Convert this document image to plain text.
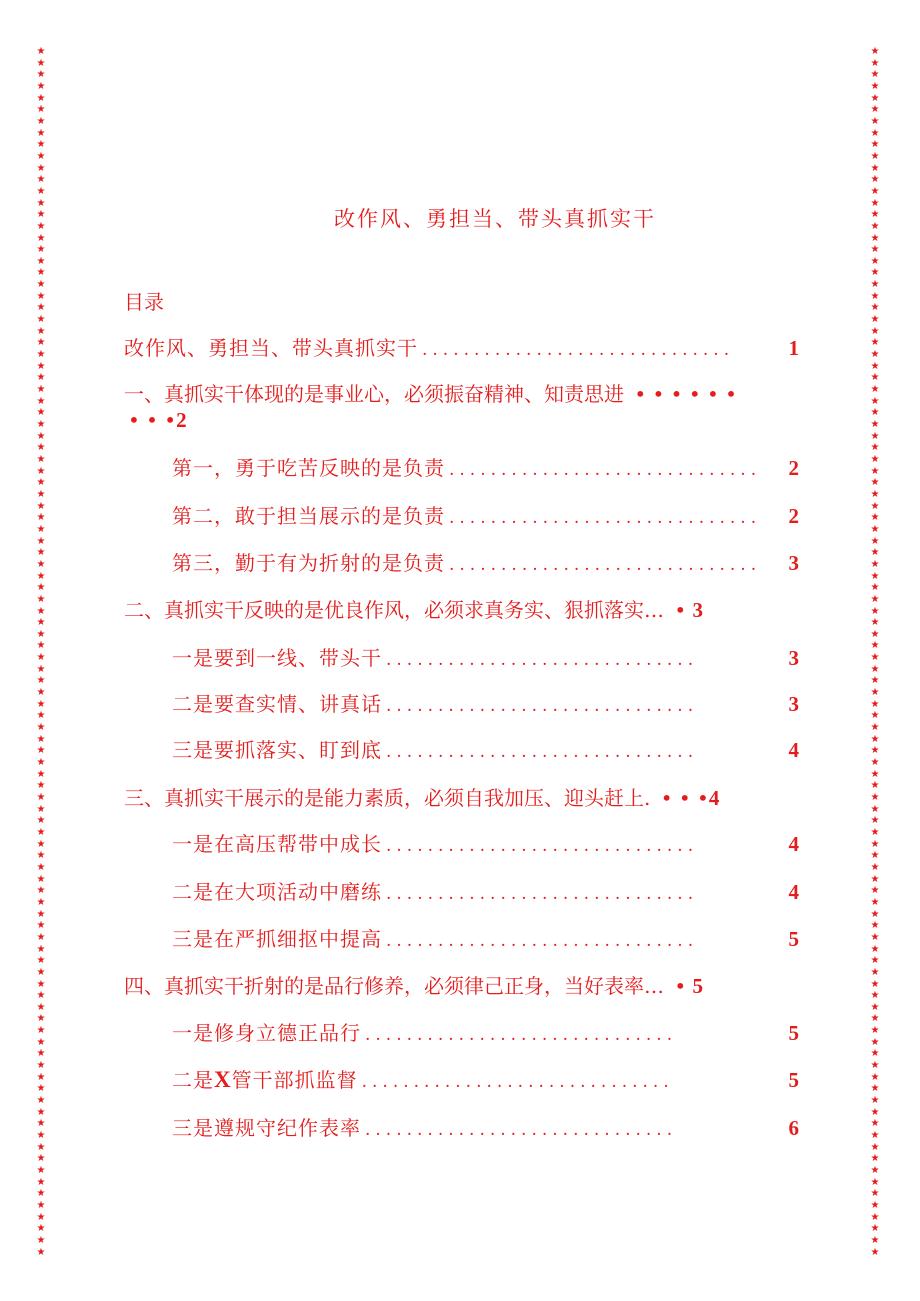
★
★
★
★
★
★
★
★
★
★
★
★
★
★
★
★
★
★
★
★
★
★
★
★
★
★
★
★
★
★
★
★
★
★
★
★
★
★
★
★
★
★
★
★
★
★
★
★
★
★
★
★
★
★
★
★
★
★
★
★
★
★
★
★
★
★
★
★
★
★
★
★
★
★
★
★
★
★
★
★
★
★
★
★
★
★
★
★
★
★
★
★
★
★
★
★
★
★
★
★
★
★
★
★
★
★
★
★
★
★
★
★
★
★
★
★
★
★
★
★
★
★
★
★
★
★
★
★
★
★
★
★
★
★
★
★
★
★
★
★
★
★
★
★
★
★
★
★
★
★
★
★
★
★
★
★
★
★
★
★
★
★
★
★
★
★
★
★
★
★
★
★
★
★
★
★
★
★
★
★
★
★
★
★
★
★
★
★
★
★
★
★
★
★
★
★
★
★
★
★
★
★
★
★
★
★
★
★
改作风、勇担当、带头真抓实干
目录
改作风、勇担当、带头真抓实干 ..............................	1
一、真抓实干体现的是事业心，必须振奋精神、知责思进 • • • • • •
• • •2
第一，勇于吃苦反映的是负责 ..............................	2
第二，敢于担当展示的是负责 ..............................	2
第三，勤于有为折射的是负责 ..............................	3
二、真抓实干反映的是优良作风，必须求真务实、狠抓落实… • 3
一是要到一线、带头干 ..............................	3
二是要查实情、讲真话 ..............................	3
三是要抓落实、盯到底 ..............................	4
三、真抓实干展示的是能力素质，必须自我加压、迎头赶上. • • •4
一是在高压帮带中成长 ..............................	4
二是在大项活动中磨练 ..............................	4
三是在严抓细抠中提高 ..............................	5
四、真抓实干折射的是品行修养，必须律己正身，当好表率… • 5
一是修身立德正品行 ..............................	5
二是X管干部抓监督 ..............................	5
三是遵规守纪作表率 ..............................	6
